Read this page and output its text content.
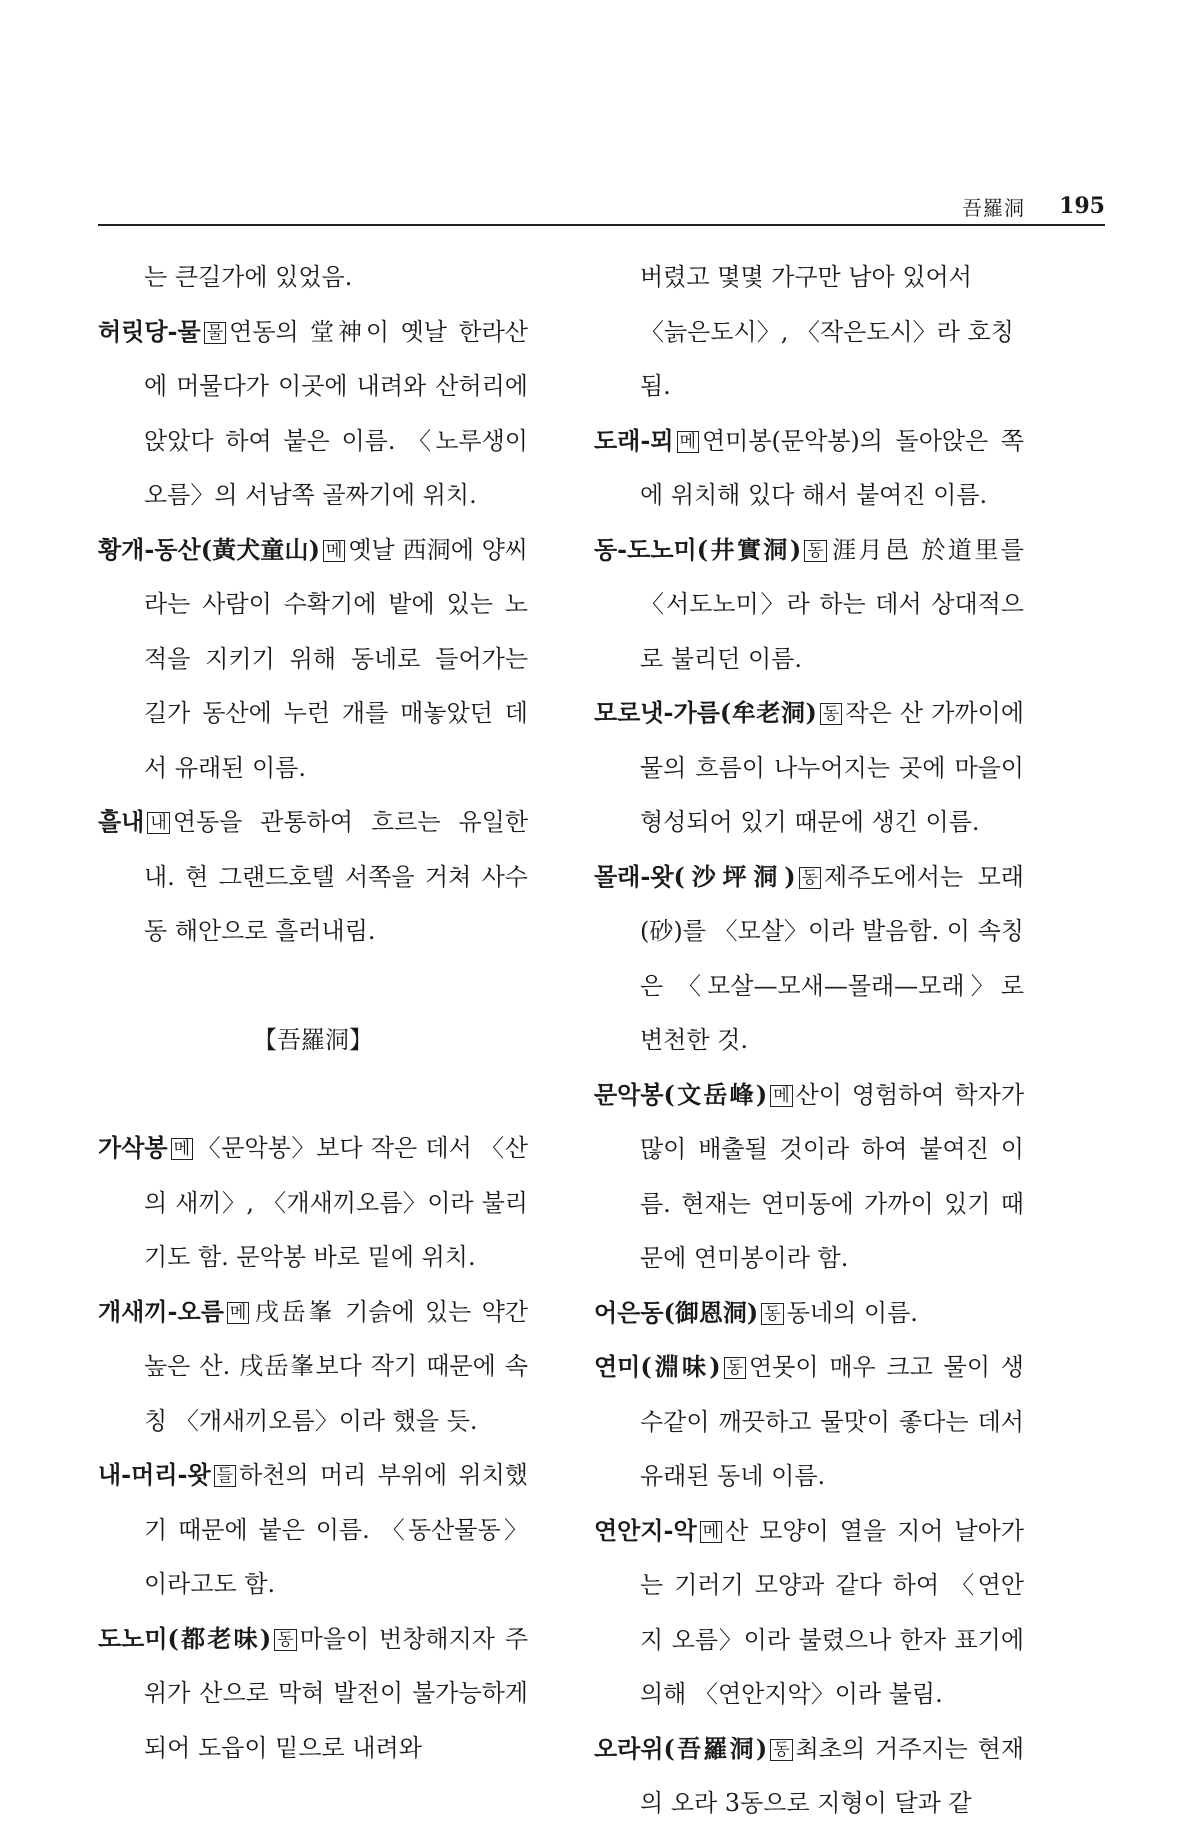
吾羅洞 195
는 큰길가에 있었음.
허릿당-물 물 연동의 堂神이 옛날 한라산에 머물다가 이곳에 내려와 산허리에 앉았다 하여 붙은 이름. 〈노루생이오름〉의 서남쪽 골짜기에 위치.
황개-동산(黃犬童山) 메 옛날 西洞에 양씨라는 사람이 수확기에 밭에 있는 노적을 지키기 위해 동네로 들어가는 길가 동산에 누런 개를 매놓았던 데서 유래된 이름.
흘내 내 연동을 관통하여 흐르는 유일한 내. 현 그랜드호텔 서쪽을 거쳐 사수동 해안으로 흘러내림.
【吾羅洞】
가삭봉 메 〈문악봉〉보다 작은 데서 〈산의 새끼〉, 〈개새끼오름〉이라 불리기도 함. 문악봉 바로 밑에 위치.
개새끼-오름 메 戌岳峯 기슭에 있는 약간 높은 산. 戌岳峯보다 작기 때문에 속칭 〈개새끼오름〉이라 했을 듯.
내-머리-왓 들 하천의 머리 부위에 위치했기 때문에 붙은 이름. 〈동산물동〉이라고도 함.
도노미(都老味) 동 마을이 번창해지자 주위가 산으로 막혀 발전이 불가능하게 되어 도읍이 밑으로 내려와
버렸고 몇몇 가구만 남아 있어서 〈늙은도시〉, 〈작은도시〉라 호칭됨.
도래-뫼 메 연미봉(문악봉)의 돌아앉은 쪽에 위치해 있다 해서 붙여진 이름.
동-도노미(井實洞) 동 涯月邑 於道里를 〈서도노미〉라 하는 데서 상대적으로 불리던 이름.
모로냇-가름(牟老洞) 동 작은 산 가까이에 물의 흐름이 나누어지는 곳에 마을이 형성되어 있기 때문에 생긴 이름.
몰래-왓(沙坪洞) 동 제주도에서는 모래(砂)를 〈모살〉이라 발음함. 이 속칭은 〈모살—모새—몰래—모래〉로 변천한 것.
문악봉(文岳峰) 메 산이 영험하여 학자가 많이 배출될 것이라 하여 붙여진 이름. 현재는 연미동에 가까이 있기 때문에 연미봉이라 함.
어은동(御恩洞) 동 동네의 이름.
연미(淵味) 동 연못이 매우 크고 물이 생수같이 깨끗하고 물맛이 좋다는 데서 유래된 동네 이름.
연안지-악 메 산 모양이 열을 지어 날아가는 기러기 모양과 같다 하여 〈연안지 오름〉이라 불렸으나 한자 표기에 의해 〈연안지악〉이라 불림.
오라위(吾羅洞) 동 최초의 거주지는 현재의 오라 3동으로 지형이 달과 같
